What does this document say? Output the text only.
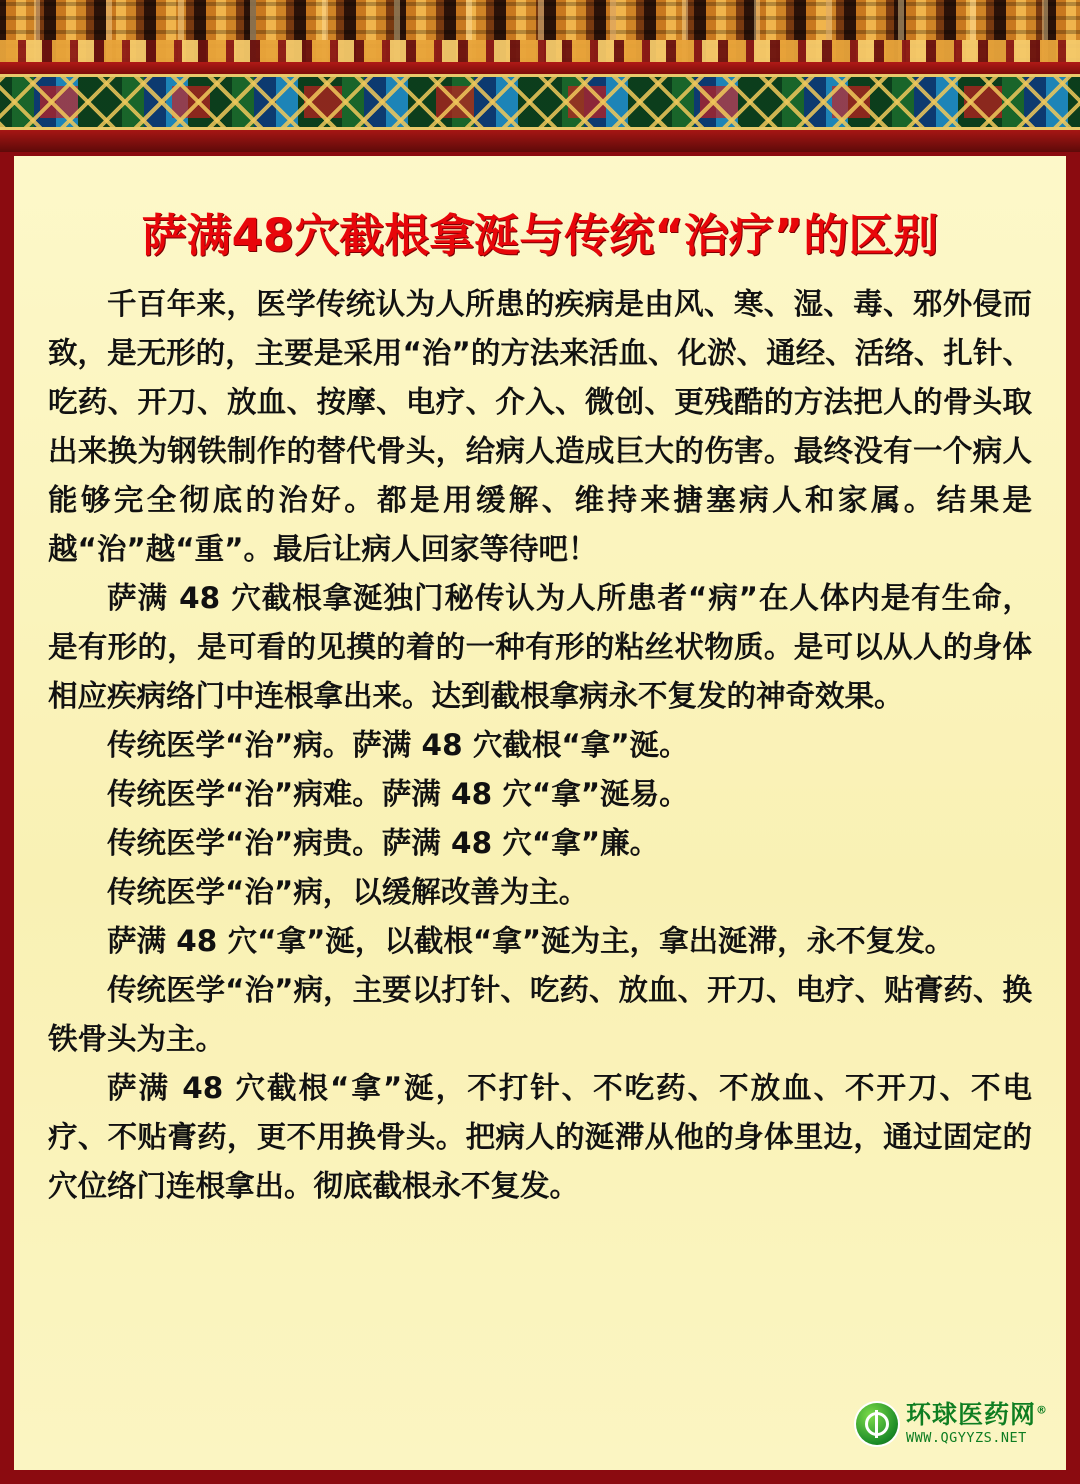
萨满48穴截根拿涎与传统“治疗”的区别

千百年来，医学传统认为人所患的疾病是由风、寒、湿、毒、邪外侵而致，是无形的，主要是采用“治”的方法来活血、化淤、通经、活络、扎针、吃药、开刀、放血、按摩、电疗、介入、微创、更残酷的方法把人的骨头取出来换为钢铁制作的替代骨头，给病人造成巨大的伤害。最终没有一个病人能够完全彻底的治好。都是用缓解、维持来搪塞病人和家属。结果是越“治”越“重”。最后让病人回家等待吧！

萨满 48 穴截根拿涎独门秘传认为人所患者“病”在人体内是有生命，是有形的，是可看的见摸的着的一种有形的粘丝状物质。是可以从人的身体相应疾病络门中连根拿出来。达到截根拿病永不复发的神奇效果。

传统医学“治”病。萨满 48 穴截根“拿”涎。

传统医学“治”病难。萨满 48 穴“拿”涎易。

传统医学“治”病贵。萨满 48 穴“拿”廉。

传统医学“治”病，以缓解改善为主。

萨满 48 穴“拿”涎，以截根“拿”涎为主，拿出涎滞，永不复发。

传统医学“治”病，主要以打针、吃药、放血、开刀、电疗、贴膏药、换铁骨头为主。

萨满 48 穴截根“拿”涎，不打针、不吃药、不放血、不开刀、不电疗、不贴膏药，更不用换骨头。把病人的涎滞从他的身体里边，通过固定的穴位络门连根拿出。彻底截根永不复发。

环球医药网®
WWW.QGYYZS.NET
